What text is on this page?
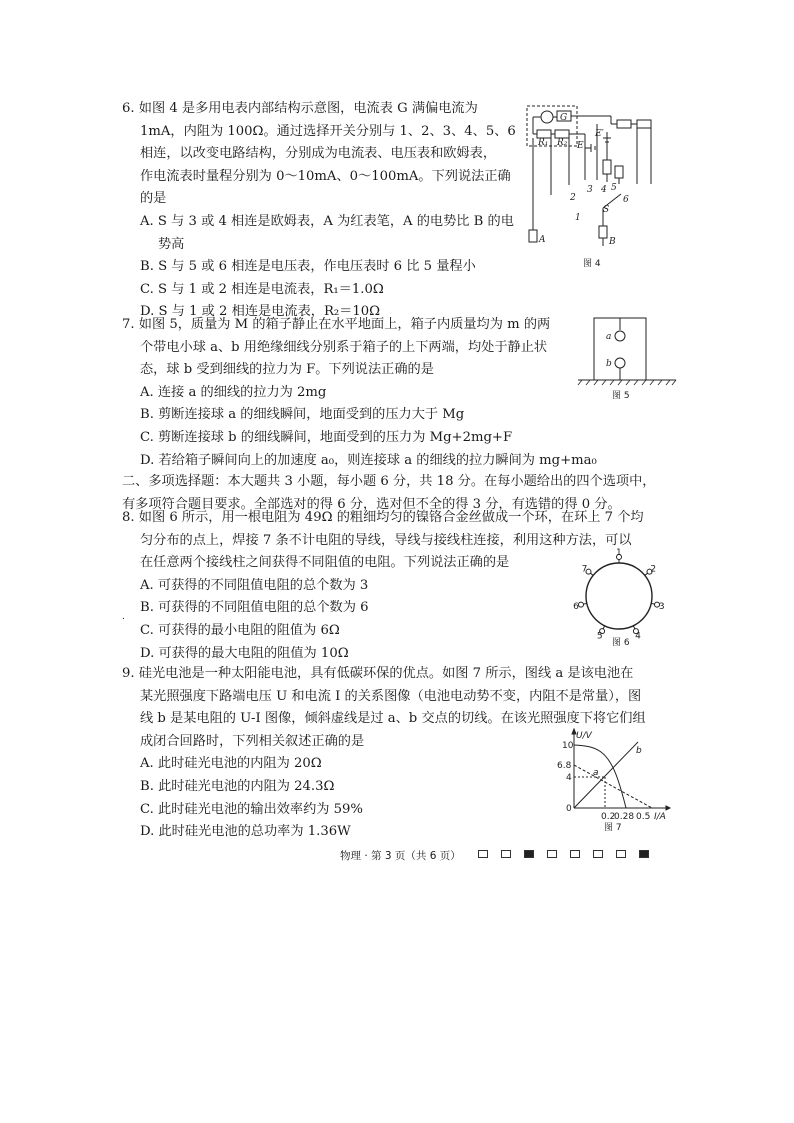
6. 如图 4 是多用电表内部结构示意图，电流表 G 满偏电流为

1mA，内阻为 100Ω。通过选择开关分别与 1、2、3、4、5、6

相连，以改变电路结构，分别成为电流表、电压表和欧姆表，

作电流表时量程分别为 0～10mA、0～100mA。下列说法正确

的是

A. S 与 3 或 4 相连是欧姆表，A 为红表笔，A 的电势比 B 的电

势高

B. S 与 5 或 6 相连是电压表，作电压表时 6 比 5 量程小

C. S 与 1 或 2 相连是电流表，R₁＝1.0Ω

D. S 与 1 或 2 相连是电流表，R₂＝10Ω

G
R₁ R₂ E
E′
2
1
3 4 5
6
S
A	B
图 4

7. 如图 5，质量为 M 的箱子静止在水平地面上，箱子内质量均为 m 的两

个带电小球 a、b 用绝缘细线分别系于箱子的上下两端，均处于静止状

态，球 b 受到细线的拉力为 F。下列说法正确的是

A. 连接 a 的细线的拉力为 2mg

B. 剪断连接球 a 的细线瞬间，地面受到的压力大于 Mg

C. 剪断连接球 b 的细线瞬间，地面受到的压力为 Mg+2mg+F

D. 若给箱子瞬间向上的加速度 a₀，则连接球 a 的细线的拉力瞬间为 mg+ma₀

a
b
图 5

二、多项选择题：本大题共 3 小题，每小题 6 分，共 18 分。在每小题给出的四个选项中，

有多项符合题目要求。全部选对的得 6 分，选对但不全的得 3 分，有选错的得 0 分。

8. 如图 6 所示，用一根电阻为 49Ω 的粗细均匀的镍铬合金丝做成一个环，在环上 7 个均

匀分布的点上，焊接 7 条不计电阻的导线，导线与接线柱连接，利用这种方法，可以

在任意两个接线柱之间获得不同阻值的电阻。下列说法正确的是

A. 可获得的不同阻值电阻的总个数为 3

B. 可获得的不同阻值电阻的总个数为 6

C. 可获得的最小电阻的阻值为 6Ω

D. 可获得的最大电阻的阻值为 10Ω

.
1
2
3
4
5
6
7
图 6

9. 硅光电池是一种太阳能电池，具有低碳环保的优点。如图 7 所示，图线 a 是该电池在

某光照强度下路端电压 U 和电流 I 的关系图像（电池电动势不变，内阻不是常量），图

线 b 是某电阻的 U-I 图像，倾斜虚线是过 a、b 交点的切线。在该光照强度下将它们组

成闭合回路时，下列相关叙述正确的是

A. 此时硅光电池的内阻为 20Ω

B. 此时硅光电池的内阻为 24.3Ω

C. 此时硅光电池的输出效率约为 59%

D. 此时硅光电池的总功率为 1.36W

U/V
10
6.8
4
0
0.2
0.28 0.5 I/A
a
b
图 7
物理 · 第 3 页（共 6 页）
